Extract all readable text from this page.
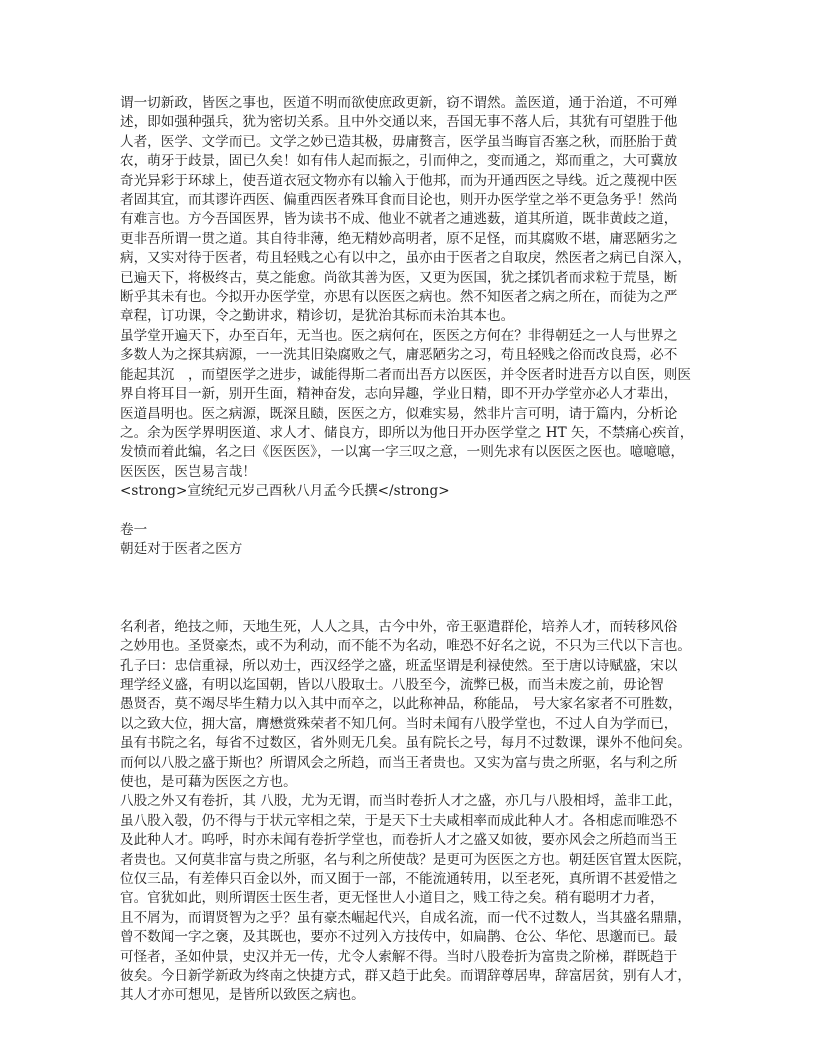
谓一切新政，皆医之事也，医道不明而欲使庶政更新，窃不谓然。盖医道，通于治道，不可殚
述，即如强种强兵，犹为密切关系。且中外交通以来，吾国无事不落人后，其犹有可望胜于他
人者，医学、文学而已。文学之妙已造其极，毋庸赘言，医学虽当晦盲否塞之秋，而胚胎于黄
农，萌牙于歧景，固已久矣！如有伟人起而振之，引而伸之，变而通之，郑而重之，大可冀放
奇光异彩于环球上，使吾道衣冠文物亦有以输入于他邦，而为开通西医之导线。近之蔑视中医
者固其宜，而其谬许西医、偏重西医者殊耳食而目论也，则开办医学堂之举不更急务乎！然尚
有难言也。方今吾国医界，皆为读书不成、他业不就者之逋逃薮，道其所道，既非黄歧之道，
更非吾所谓一贯之道。其自待非薄，绝无精妙高明者，原不足怪，而其腐败不堪，庸恶陋劣之
病，又实对待于医者，苟且轻贱之心有以中之，虽亦由于医者之自取戾，然医者之病已自深入，
已遍天下，将极终古，莫之能愈。尚欲其善为医，又更为医国，犹之揉饥者而求粒于荒垦，断
断乎其未有也。今拟开办医学堂，亦思有以医医之病也。然不知医者之病之所在，而徒为之严
章程，订功课，令之勤讲求，精诊切，是犹治其标而未治其本也。
虽学堂开遍天下，办至百年，无当也。医之病何在，医医之方何在？非得朝廷之一人与世界之
多数人为之探其病源，一一洗其旧染腐败之气，庸恶陋劣之习，苟且轻贱之俗而改良焉，必不
能起其沉　，而望医学之进步，诚能得斯二者而出吾方以医医，并令医者时进吾方以自医，则医
界自将耳目一新，别开生面，精神奋发，志向异趣，学业日精，即不开办学堂亦必人才辈出，
医道昌明也。医之病源，既深且赜，医医之方，似难实易，然非片言可明，请于篇内，分析论
之。余为医学界明医道、求人才、储良方，即所以为他日开办医学堂之 HT 矢，不禁痛心疾首，
发愤而着此编，名之曰《医医医》，一以寓一字三叹之意，一则先求有以医医之医也。噫噫噫，
医医医，医岂易言哉！
<strong>宣统纪元岁己酉秋八月孟今氏撰</strong>
卷一
朝廷对于医者之医方
名利者，绝技之师，天地生死，人人之具，古今中外，帝王驱遣群伦，培养人才，而转移风俗
之妙用也。圣贤豪杰，或不为利动，而不能不为名动，唯恐不好名之说，不只为三代以下言也。
孔子曰：忠信重禄，所以劝士，西汉经学之盛，班孟坚谓是利禄使然。至于唐以诗赋盛，宋以
理学经义盛，有明以迄国朝，皆以八股取士。八股至今，流弊已极，而当未废之前，毋论智
愚贤否，莫不竭尽毕生精力以入其中而卒之，以此称神品，称能品， 号大家名家者不可胜数，
以之致大位，拥大富，膺懋赏殊荣者不知几何。当时未闻有八股学堂也，不过人自为学而已，
虽有书院之名，每省不过数区，省外则无几矣。虽有院长之号，每月不过数课，课外不他问矣。
而何以八股之盛于斯也？所谓风会之所趋，而当王者贵也。又实为富与贵之所驱，名与利之所
使也，是可藉为医医之方也。
八股之外又有卷折，其 八股，尤为无谓，而当时卷折人才之盛，亦几与八股相埒，盖非工此，
虽八股入彀，仍不得与于状元宰相之荣，于是天下士夫咸相率而成此种人才。各相虑而唯恐不
及此种人才。呜呼，时亦未闻有卷折学堂也，而卷折人才之盛又如彼，要亦风会之所趋而当王
者贵也。又何莫非富与贵之所驱，名与利之所使哉？是更可为医医之方也。朝廷医官置太医院，
位仅三品，有差俸只百金以外，而又囿于一部，不能流通转用，以至老死，真所谓不甚爱惜之
官。官犹如此，则所谓医士医生者，更无怪世人小道目之，贱工待之矣。稍有聪明才力者，
且不屑为，而谓贤智为之乎？虽有豪杰崛起代兴，自成名流，而一代不过数人，当其盛名鼎鼎，
曾不数闻一字之褒，及其既也，要亦不过列入方技传中，如扁鹊、仓公、华佗、思邈而已。最
可怪者，圣如仲景，史汉并无一传，尤令人索解不得。当时八股卷折为富贵之阶梯，群既趋于
彼矣。今日新学新政为终南之快捷方式，群又趋于此矣。而谓辞尊居卑，辞富居贫，别有人才，
其人才亦可想见，是皆所以致医之病也。
